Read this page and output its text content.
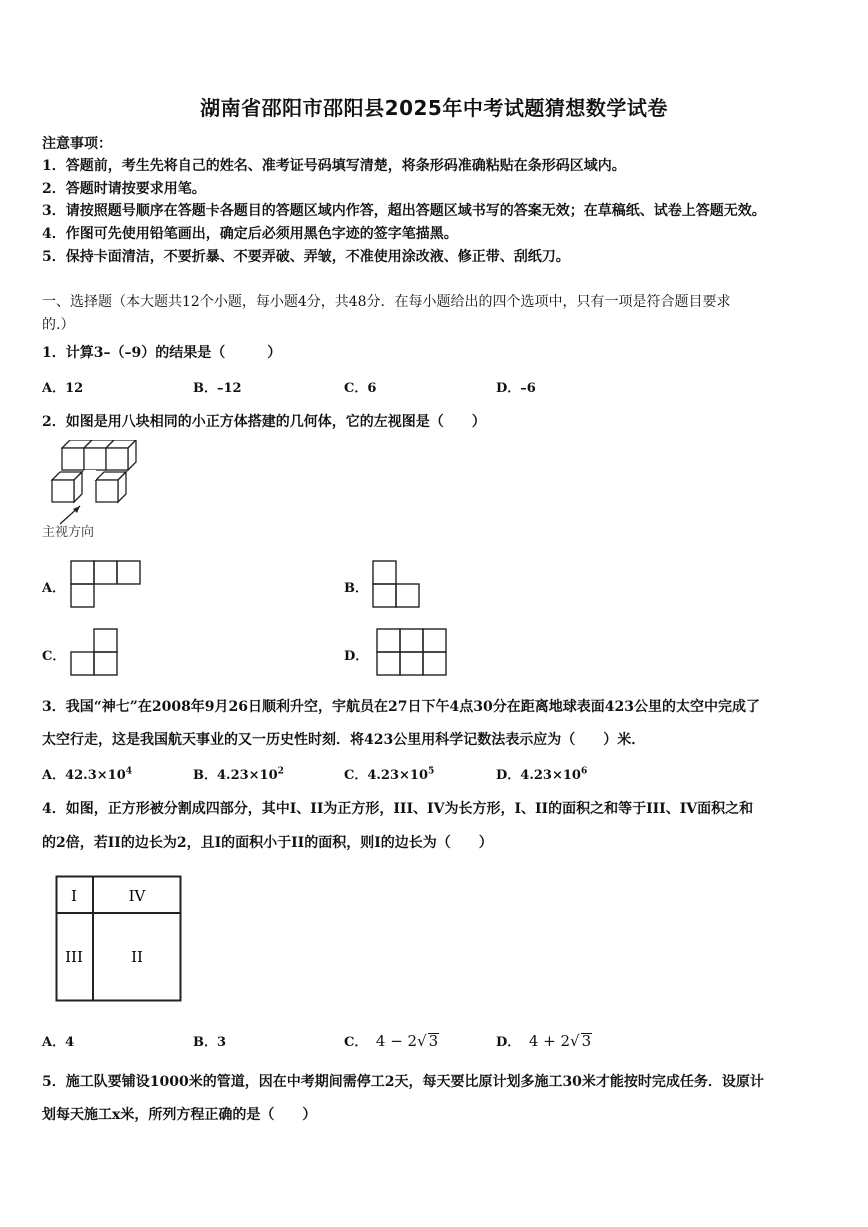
湖南省邵阳市邵阳县2025年中考试题猜想数学试卷
注意事项：
1．答题前，考生先将自己的姓名、准考证号码填写清楚，将条形码准确粘贴在条形码区域内。
2．答题时请按要求用笔。
3．请按照题号顺序在答题卡各题目的答题区域内作答，超出答题区域书写的答案无效；在草稿纸、试卷上答题无效。
4．作图可先使用铅笔画出，确定后必须用黑色字迹的签字笔描黑。
5．保持卡面清洁，不要折暴、不要弄破、弄皱，不准使用涂改液、修正带、刮纸刀。
一、选择题（本大题共12个小题，每小题4分，共48分．在每小题给出的四个选项中，只有一项是符合题目要求
的.）
1．计算3–（–9）的结果是（　　　）
A．12	B．–12	C．6	D．–6
2．如图是用八块相同的小正方体搭建的几何体，它的左视图是（　　）
主视方向
A．	B．
C．	D．
3．我国“神七”在2008年9月26日顺利升空，宇航员在27日下午4点30分在距离地球表面423公里的太空中完成了
太空行走，这是我国航天事业的又一历史性时刻．将423公里用科学记数法表示应为（　　）米．
A．$42.3\times 10^4$	B．$4.23\times 10^2$	C．$4.23\times 10^5$	D．$4.23\times 10^6$
4．如图，正方形被分割成四部分，其中I、II为正方形，III、IV为长方形，I、II的面积之和等于III、IV面积之和
的2倍，若II的边长为2，且I的面积小于II的面积，则I的边长为（　　）
I	IV
III	II
A．4	B．3	C． 4 − 2√ 3	D． 4 + 2√ 3
5．施工队要铺设1000米的管道，因在中考期间需停工2天，每天要比原计划多施工30米才能按时完成任务．设原计
划每天施工x米，所列方程正确的是（　　）
